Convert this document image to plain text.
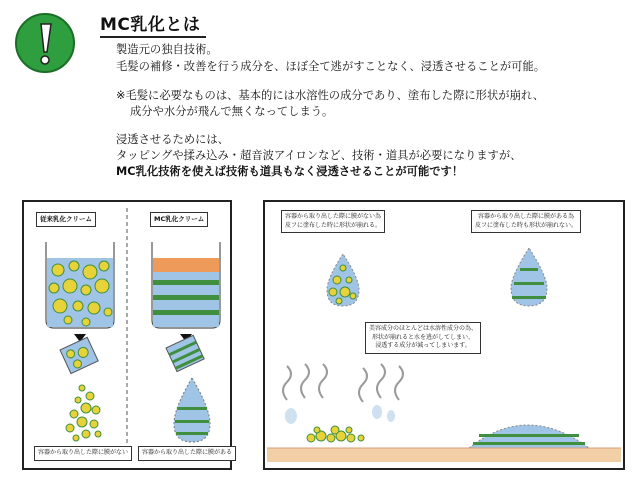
MC乳化とは
製造元の独自技術。
毛髪の補修・改善を行う成分を、ほぼ全て逃がすことなく、浸透させることが可能。
※毛髪に必要なものは、基本的には水溶性の成分であり、塗布した際に形状が崩れ、
成分や水分が飛んで無くなってしまう。
浸透させるためには、
タッピングや揉み込み・超音波アイロンなど、技術・道具が必要になりますが、
MC乳化技術を使えば技術も道具もなく浸透させることが可能です！
従来乳化クリーム	MC乳化クリーム
容器から取り出した際に膜がない	容器から取り出した際に膜がある
容器から取り出した際に膜がない為
皮フに塗布した時に形状が崩れる。
容器から取り出した際に膜がある為
皮フに塗布した時も形状が崩れない。
美容成分のほとんどは水溶性成分の為、
形状が崩れると水を逃がしてしまい、
浸透する成分が減ってしまいます。
